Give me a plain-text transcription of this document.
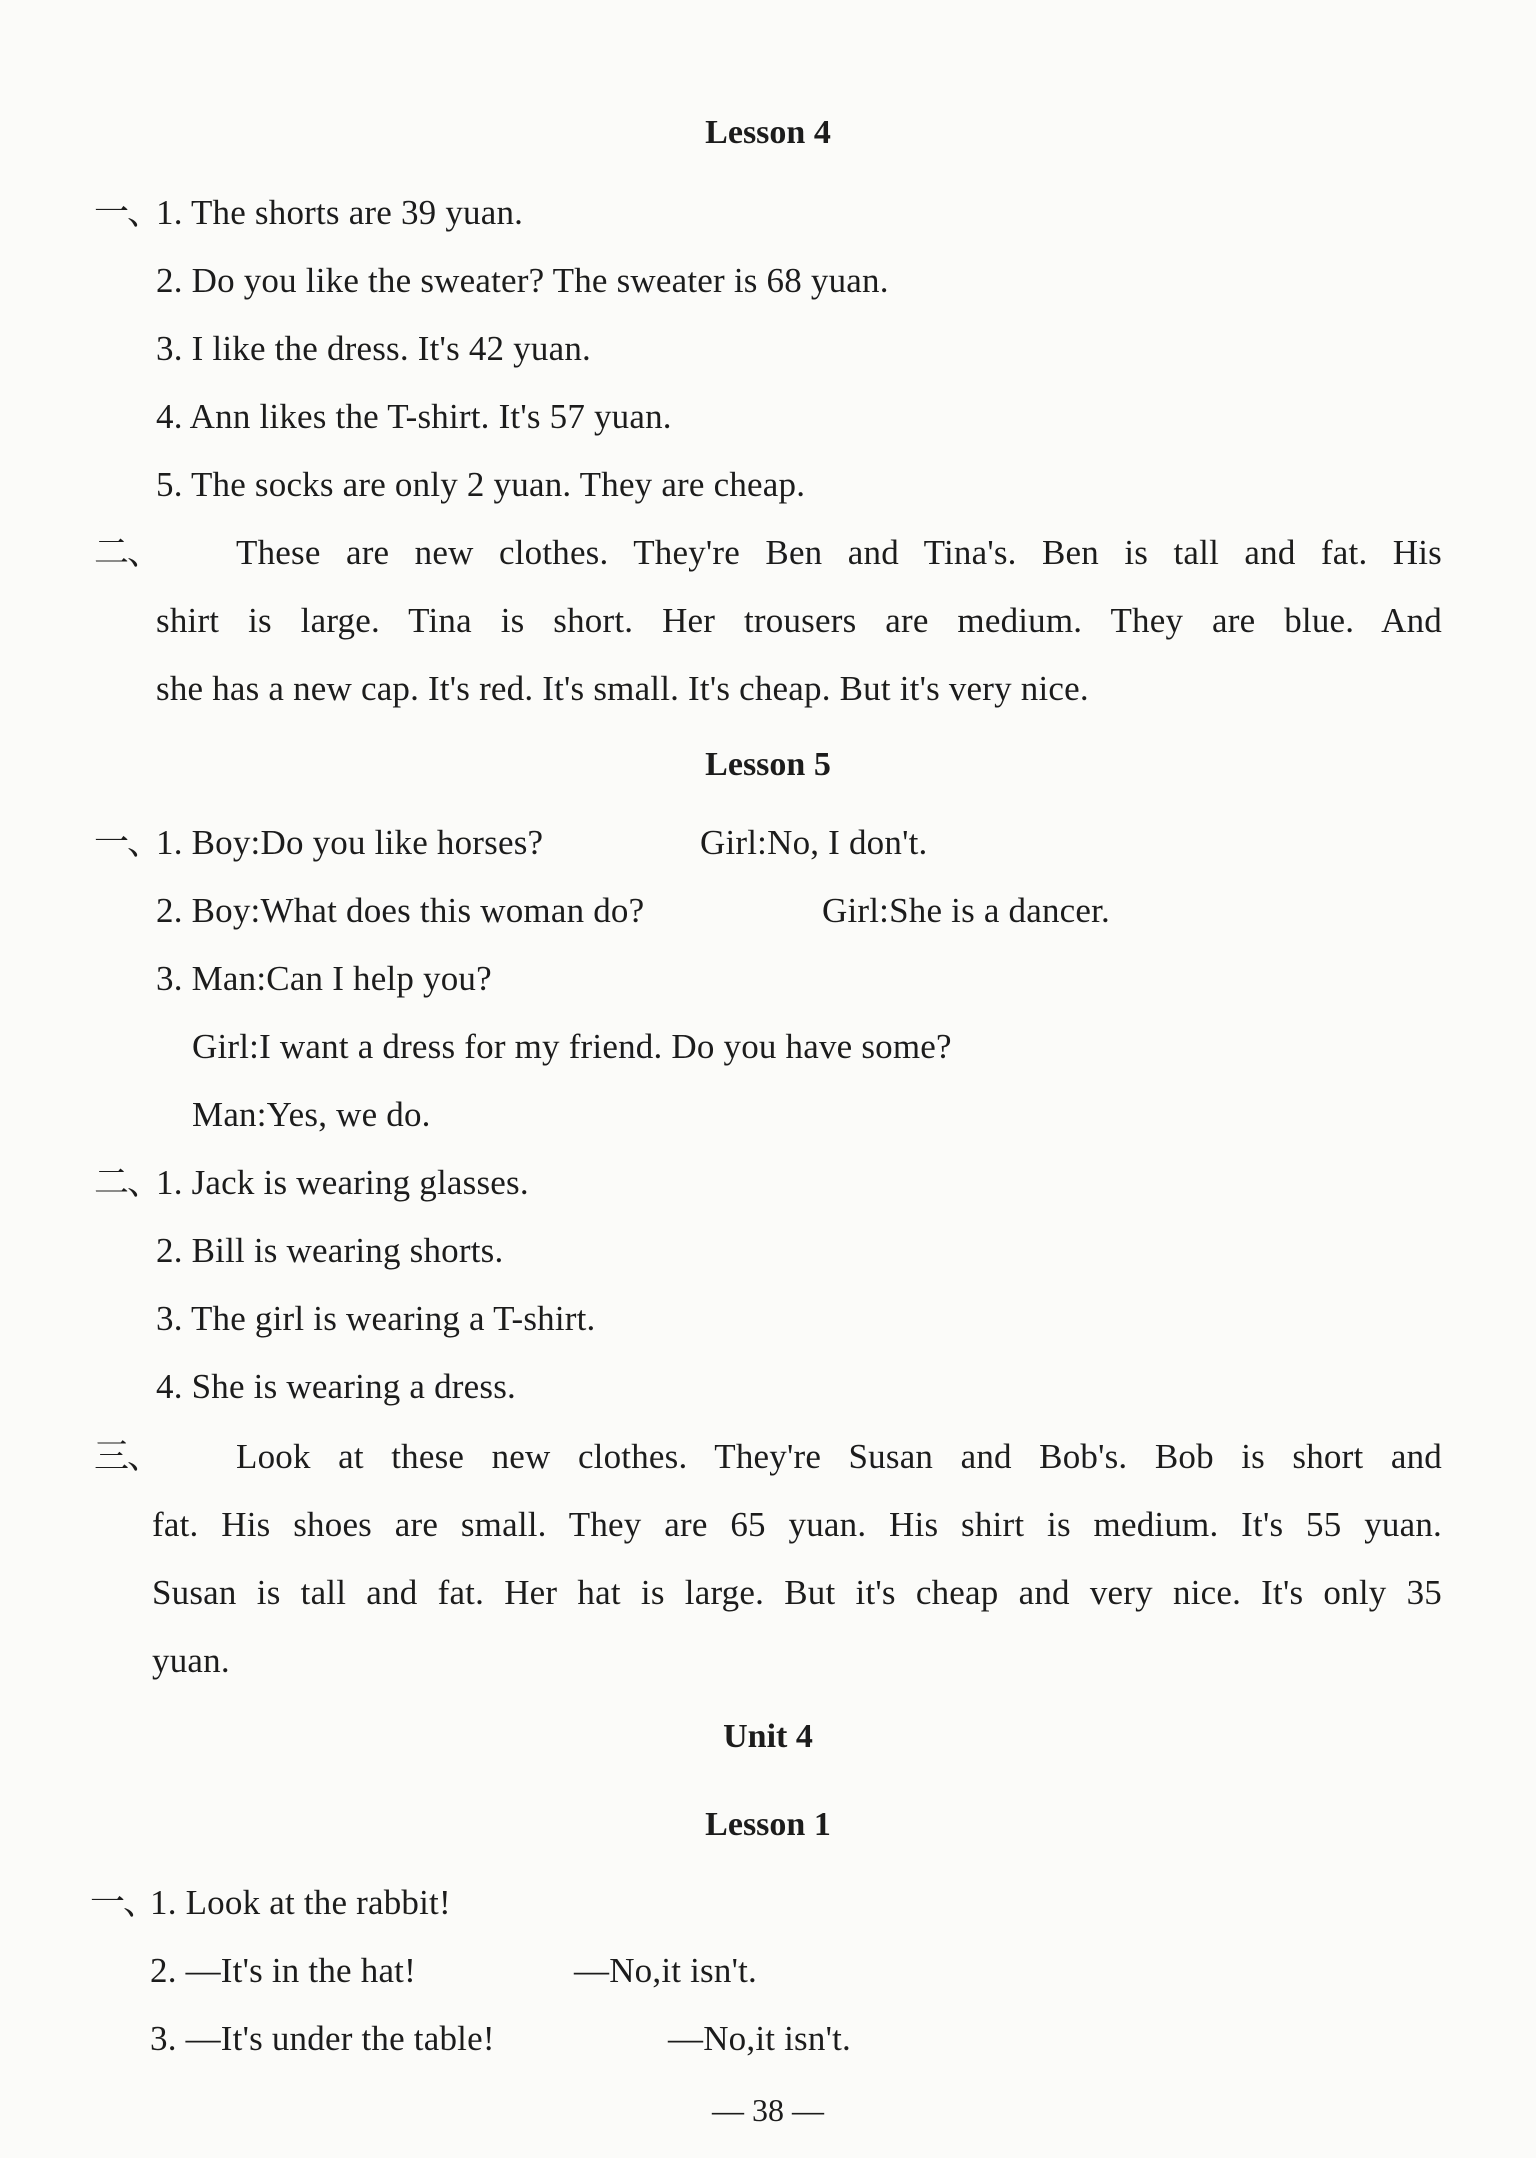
Lesson 4
一、
1. The shorts are 39 yuan.
2. Do you like the sweater? The sweater is 68 yuan.
3. I like the dress. It's 42 yuan.
4. Ann likes the T-shirt. It's 57 yuan.
5. The socks are only 2 yuan. They are cheap.
二、 These are new clothes. They're Ben and Tina's. Ben is tall and fat. His
shirt is large. Tina is short. Her trousers are medium. They are blue. And
she has a new cap. It's red. It's small. It's cheap. But it's very nice.
Lesson 5
一、
1. Boy:Do you like horses?	Girl:No, I don't.
2. Boy:What does this woman do?	Girl:She is a dancer.
3. Man:Can I help you?
Girl:I want a dress for my friend. Do you have some?
Man:Yes, we do.
二、
1. Jack is wearing glasses.
2. Bill is wearing shorts.
3. The girl is wearing a T-shirt.
4. She is wearing a dress.
三、 Look at these new clothes. They're Susan and Bob's. Bob is short and
fat. His shoes are small. They are 65 yuan. His shirt is medium. It's 55 yuan.
Susan is tall and fat. Her hat is large. But it's cheap and very nice. It's only 35
yuan.
Unit 4
Lesson 1
一、
1. Look at the rabbit!
2. —It's in the hat!	—No,it isn't.
3. —It's under the table!	—No,it isn't.
— 38 —
